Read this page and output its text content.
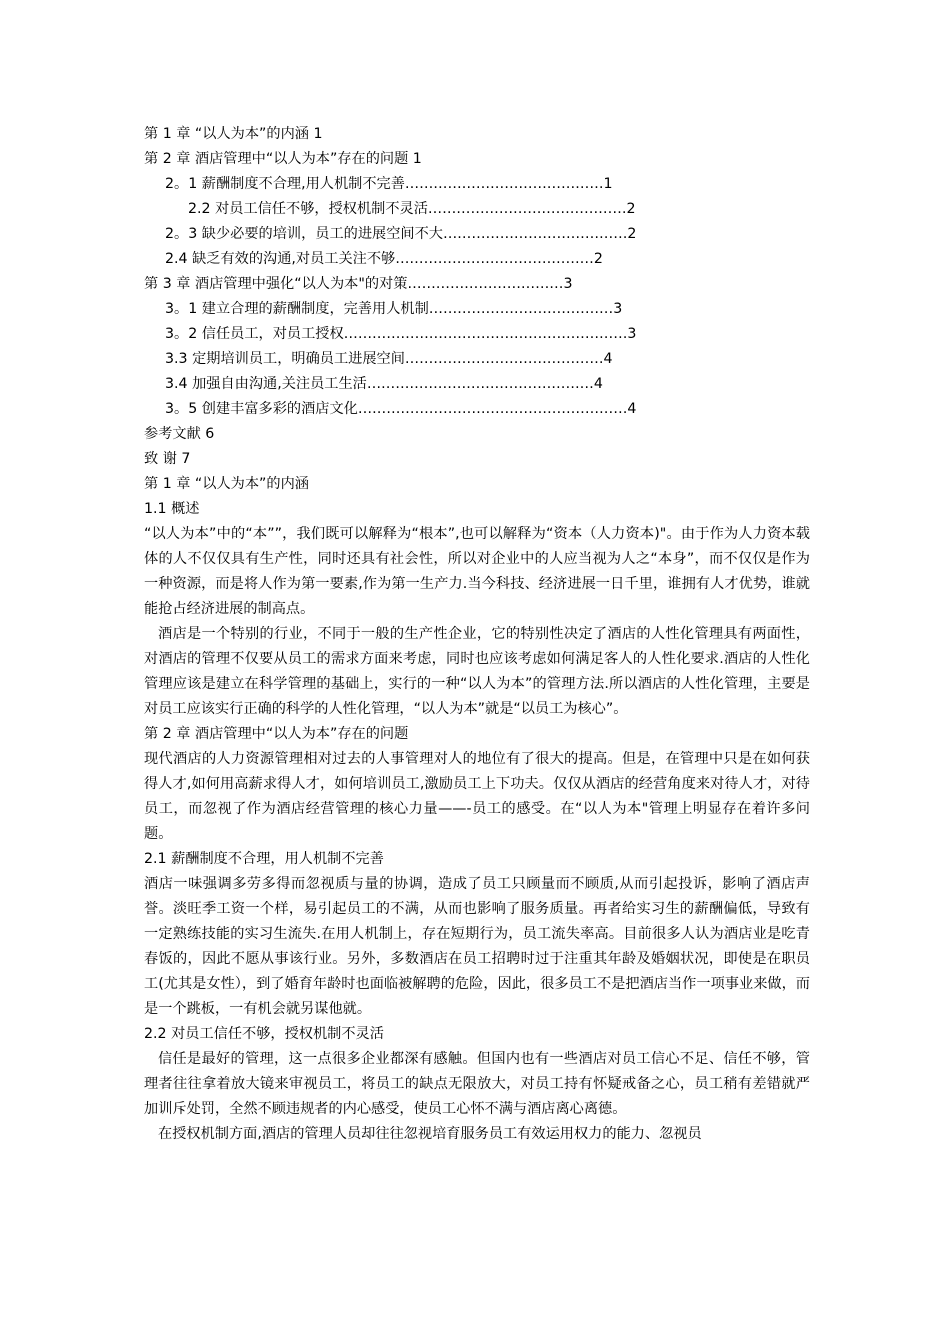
第 1 章 “以人为本”的内涵 1
第 2 章 酒店管理中“以人为本”存在的问题 1
2。1 薪酬制度不合理,用人机制不完善……………………………………1
2.2 对员工信任不够，授权机制不灵活……………………………………2
2。3 缺少必要的培训，员工的进展空间不大…………………………………2
2.4 缺乏有效的沟通,对员工关注不够……………………………………2
第 3 章 酒店管理中强化“以人为本"的对策……………………………3
3。1 建立合理的薪酬制度，完善用人机制…………………………………3
3。2 信任员工，对员工授权……………………………………………………3
3.3 定期培训员工，明确员工进展空间……………………………………4
3.4 加强自由沟通,关注员工生活…………………………………………4
3。5 创建丰富多彩的酒店文化…………………………………………………4
参考文献 6
致 谢 7
第 1 章 “以人为本”的内涵
1.1 概述

“以人为本”中的“本””，我们既可以解释为“根本”,也可以解释为“资本（人力资本)"。由于作为人力资本载体的人不仅仅具有生产性，同时还具有社会性，所以对企业中的人应当视为人之“本身”，而不仅仅是作为一种资源，而是将人作为第一要素,作为第一生产力.当今科技、经济进展一日千里，谁拥有人才优势，谁就能抢占经济进展的制高点。

酒店是一个特别的行业，不同于一般的生产性企业，它的特别性决定了酒店的人性化管理具有两面性，对酒店的管理不仅要从员工的需求方面来考虑，同时也应该考虑如何满足客人的人性化要求.酒店的人性化管理应该是建立在科学管理的基础上，实行的一种“以人为本”的管理方法.所以酒店的人性化管理，主要是对员工应该实行正确的科学的人性化管理，“以人为本”就是“以员工为核心”。

第 2 章 酒店管理中“以人为本”存在的问题

现代酒店的人力资源管理相对过去的人事管理对人的地位有了很大的提高。但是，在管理中只是在如何获得人才,如何用高薪求得人才，如何培训员工,激励员工上下功夫。仅仅从酒店的经营角度来对待人才，对待员工，而忽视了作为酒店经营管理的核心力量——-员工的感受。在“以人为本"管理上明显存在着许多问题。

2.1 薪酬制度不合理，用人机制不完善

酒店一味强调多劳多得而忽视质与量的协调，造成了员工只顾量而不顾质,从而引起投诉，影响了酒店声誉。淡旺季工资一个样，易引起员工的不满，从而也影响了服务质量。再者给实习生的薪酬偏低，导致有一定熟练技能的实习生流失.在用人机制上，存在短期行为，员工流失率高。目前很多人认为酒店业是吃青春饭的，因此不愿从事该行业。另外，多数酒店在员工招聘时过于注重其年龄及婚姻状况，即使是在职员工(尤其是女性），到了婚育年龄时也面临被解聘的危险，因此，很多员工不是把酒店当作一项事业来做，而是一个跳板，一有机会就另谋他就。

2.2 对员工信任不够，授权机制不灵活

信任是最好的管理，这一点很多企业都深有感触。但国内也有一些酒店对员工信心不足、信任不够，管理者往往拿着放大镜来审视员工，将员工的缺点无限放大，对员工持有怀疑戒备之心，员工稍有差错就严加训斥处罚，全然不顾违规者的内心感受，使员工心怀不满与酒店离心离德。

在授权机制方面,酒店的管理人员却往往忽视培育服务员工有效运用权力的能力、忽视员
